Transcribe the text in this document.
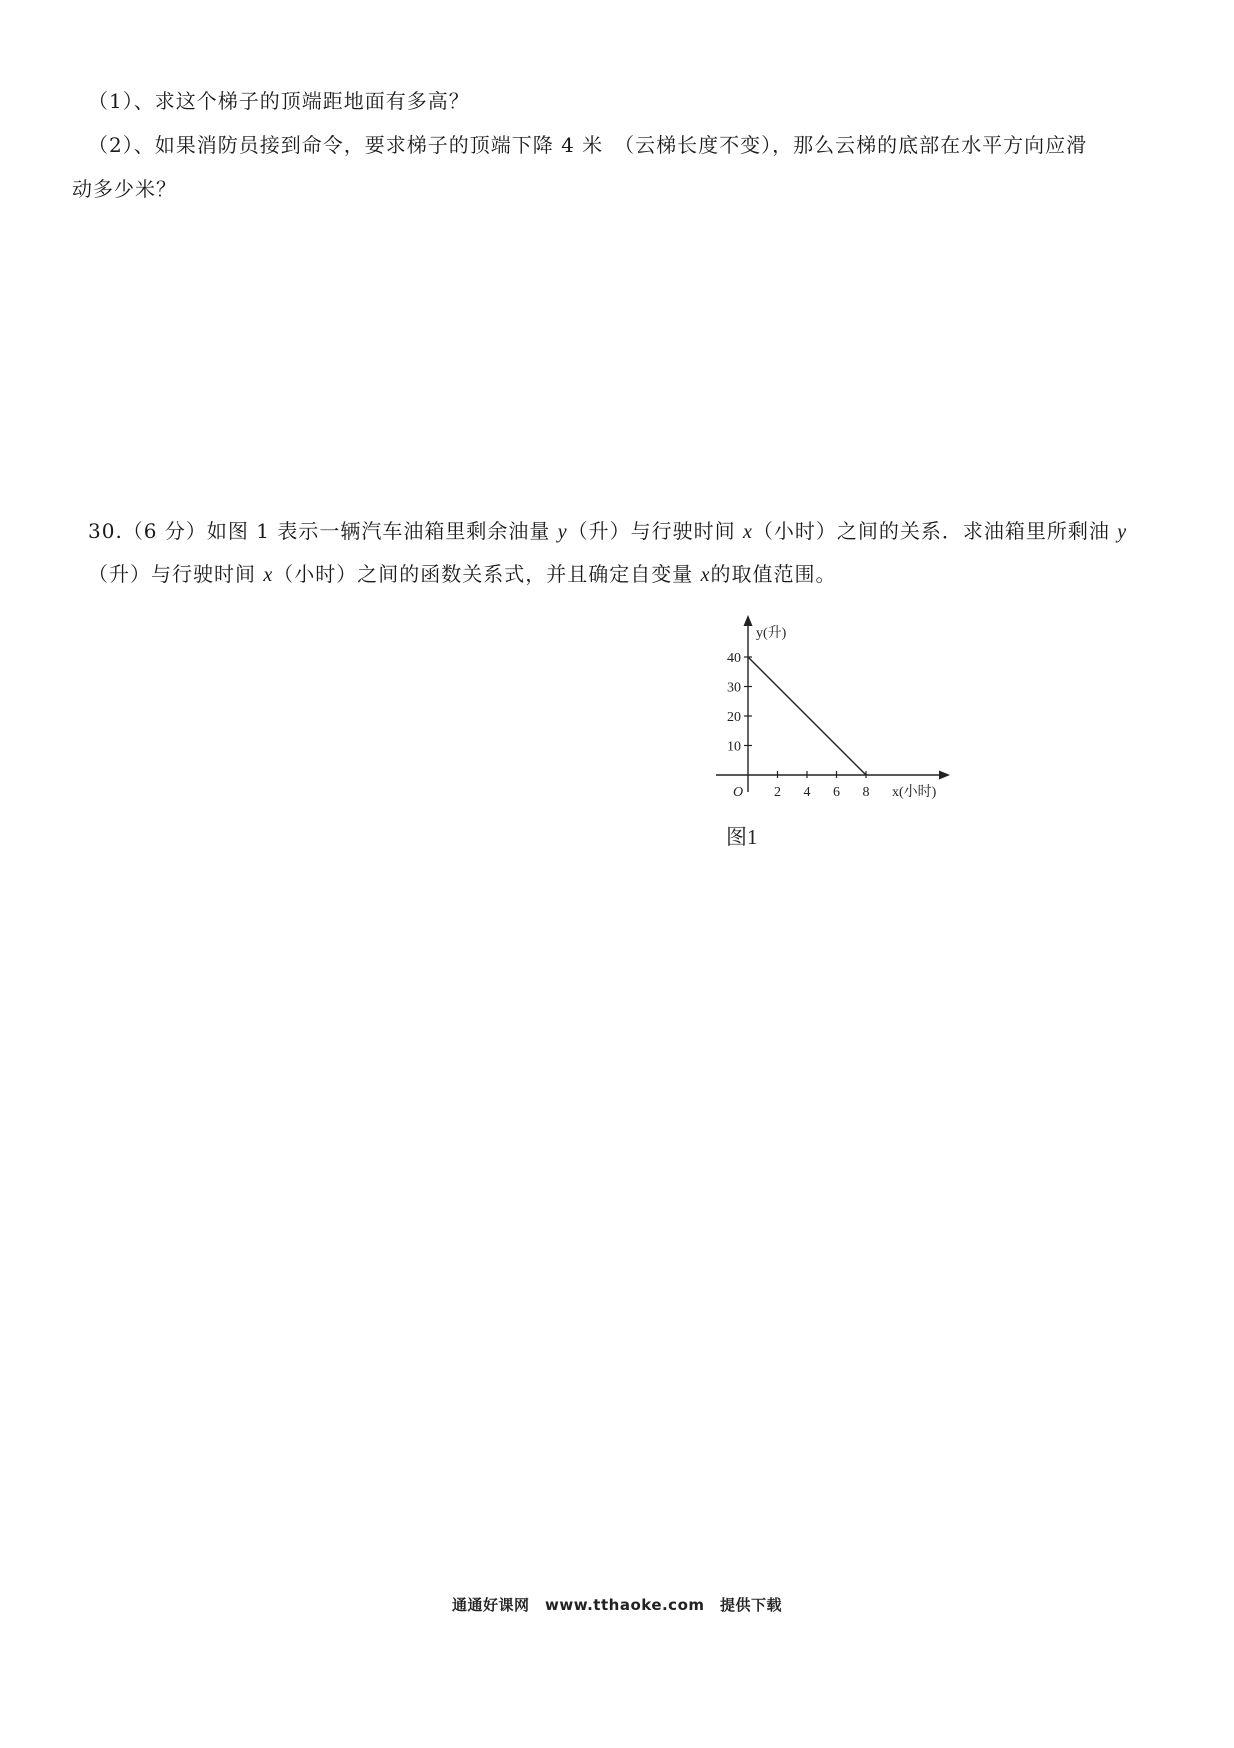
（1）、求这个梯子的顶端距地面有多高？
（2）、如果消防员接到命令，要求梯子的顶端下降 4 米　（云梯长度不变），那么云梯的底部在水平方向应滑
动多少米？
30.（6 分）如图 1 表示一辆汽车油箱里剩余油量 y（升）与行驶时间 x（小时）之间的关系．求油箱里所剩油 y
（升）与行驶时间 x（小时）之间的函数关系式，并且确定自变量 x的取值范围。
10
20
30
40
2 4 6 8
y(升)
x(小时)
O
图1
通通好课网　www.tthaoke.com　提供下载
